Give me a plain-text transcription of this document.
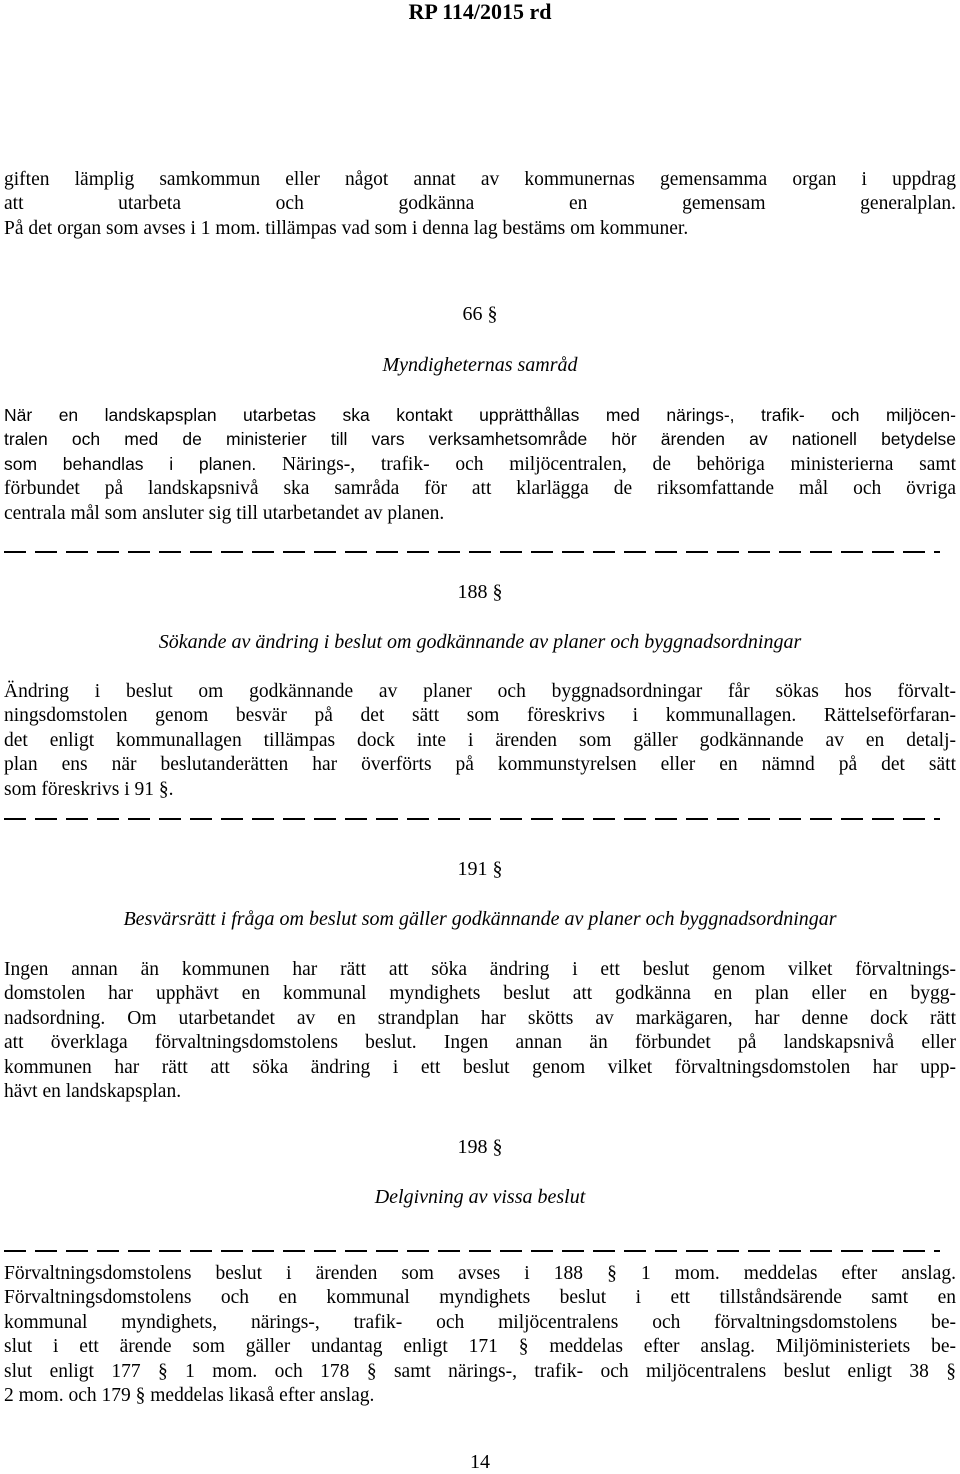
RP 114/2015 rd
giften lämplig samkommun eller något annat av kommunernas gemensamma organ i uppdrag
att utarbeta och godkänna en gemensam generalplan.
På det organ som avses i 1 mom. tillämpas vad som i denna lag bestäms om kommuner.

66 §

Myndigheternas samråd

När en landskapsplan utarbetas ska kontakt upprätthållas med närings-, trafik- och miljöcen-
tralen och med de ministerier till vars verksamhetsområde hör ärenden av nationell betydelse
som behandlas i planen. Närings-, trafik- och miljöcentralen, de behöriga ministerierna samt
förbundet på landskapsnivå ska samråda för att klarlägga de riksomfattande mål och övriga
centrala mål som ansluter sig till utarbetandet av planen.

188 §

Sökande av ändring i beslut om godkännande av planer och byggnadsordningar

Ändring i beslut om godkännande av planer och byggnadsordningar får sökas hos förvalt-
ningsdomstolen genom besvär på det sätt som föreskrivs i kommunallagen. Rättelseförfaran-
det enligt kommunallagen tillämpas dock inte i ärenden som gäller godkännande av en detalj-
plan ens när beslutanderätten har överförts på kommunstyrelsen eller en nämnd på det sätt
som föreskrivs i 91 §.

191 §

Besvärsrätt i fråga om beslut som gäller godkännande av planer och byggnadsordningar

Ingen annan än kommunen har rätt att söka ändring i ett beslut genom vilket förvaltnings-
domstolen har upphävt en kommunal myndighets beslut att godkänna en plan eller en bygg-
nadsordning. Om utarbetandet av en strandplan har skötts av markägaren, har denne dock rätt
att överklaga förvaltningsdomstolens beslut. Ingen annan än förbundet på landskapsnivå eller
kommunen har rätt att söka ändring i ett beslut genom vilket förvaltningsdomstolen har upp-
hävt en landskapsplan.

198 §

Delgivning av vissa beslut

Förvaltningsdomstolens beslut i ärenden som avses i 188 § 1 mom. meddelas efter anslag.
Förvaltningsdomstolens och en kommunal myndighets beslut i ett tillståndsärende samt en
kommunal myndighets, närings-, trafik- och miljöcentralens och förvaltningsdomstolens be-
slut i ett ärende som gäller undantag enligt 171 § meddelas efter anslag. Miljöministeriets be-
slut enligt 177 § 1 mom. och 178 § samt närings-, trafik- och miljöcentralens beslut enligt 38 §
2 mom. och 179 § meddelas likaså efter anslag.
14
